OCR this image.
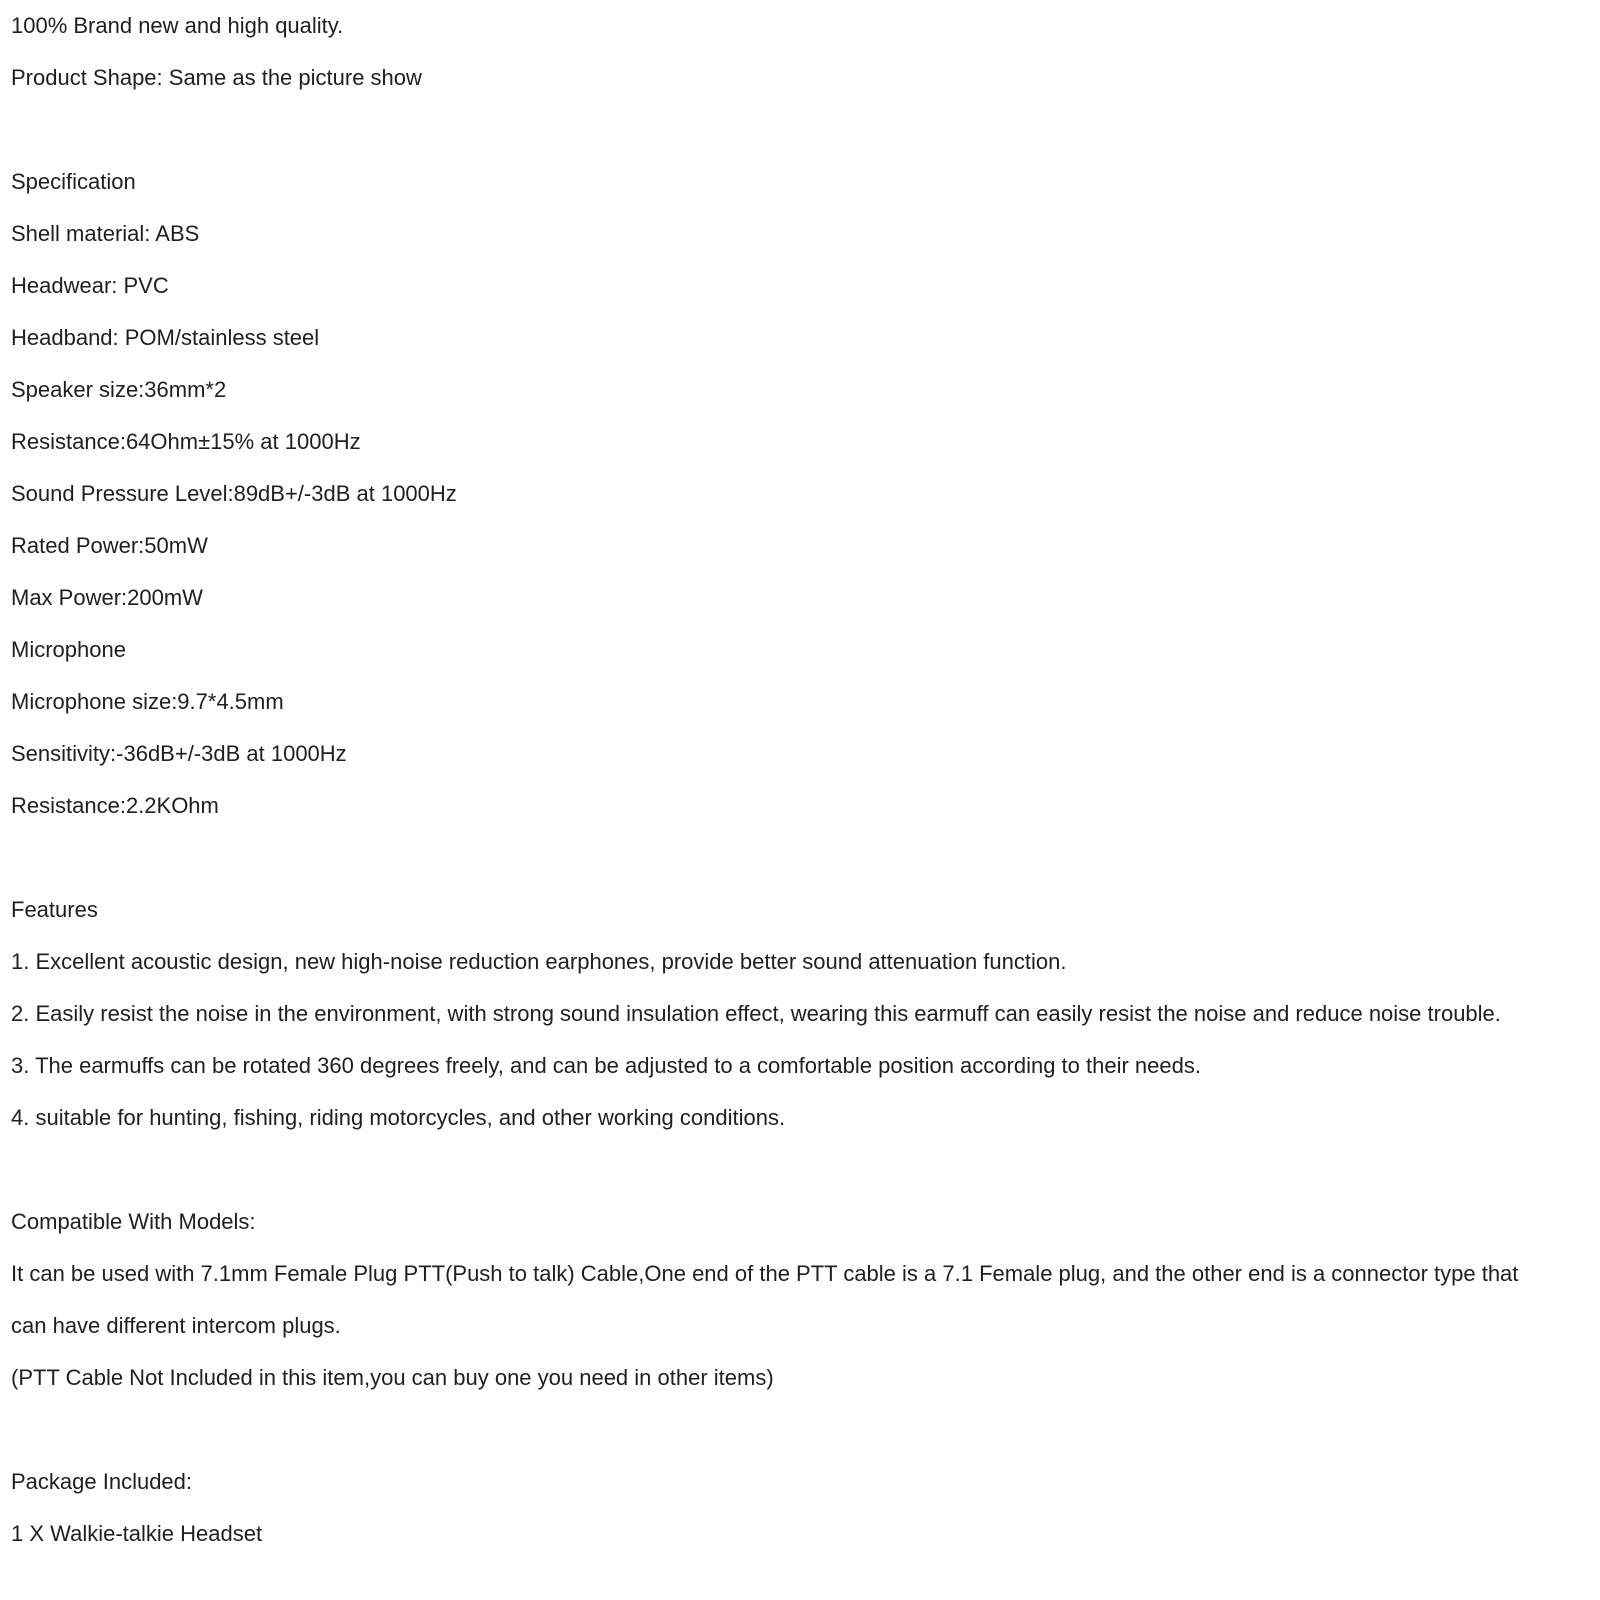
100% Brand new and high quality.
Product Shape: Same as the picture show
Specification
Shell material: ABS
Headwear: PVC
Headband: POM/stainless steel
Speaker size:36mm*2
Resistance:64Ohm±15% at 1000Hz
Sound Pressure Level:89dB+/-3dB at 1000Hz
Rated Power:50mW
Max Power:200mW
Microphone
Microphone size:9.7*4.5mm
Sensitivity:-36dB+/-3dB at 1000Hz
Resistance:2.2KOhm
Features
1. Excellent acoustic design, new high-noise reduction earphones, provide better sound attenuation function.
2. Easily resist the noise in the environment, with strong sound insulation effect, wearing this earmuff can easily resist the noise and reduce noise trouble.
3. The earmuffs can be rotated 360 degrees freely, and can be adjusted to a comfortable position according to their needs.
4. suitable for hunting, fishing, riding motorcycles, and other working conditions.
Compatible With Models:
It can be used with 7.1mm Female Plug PTT(Push to talk) Cable,One end of the PTT cable is a 7.1 Female plug, and the other end is a connector type that
can have different intercom plugs.
(PTT Cable Not Included in this item,you can buy one you need in other items)
Package Included:
1 X Walkie-talkie Headset
